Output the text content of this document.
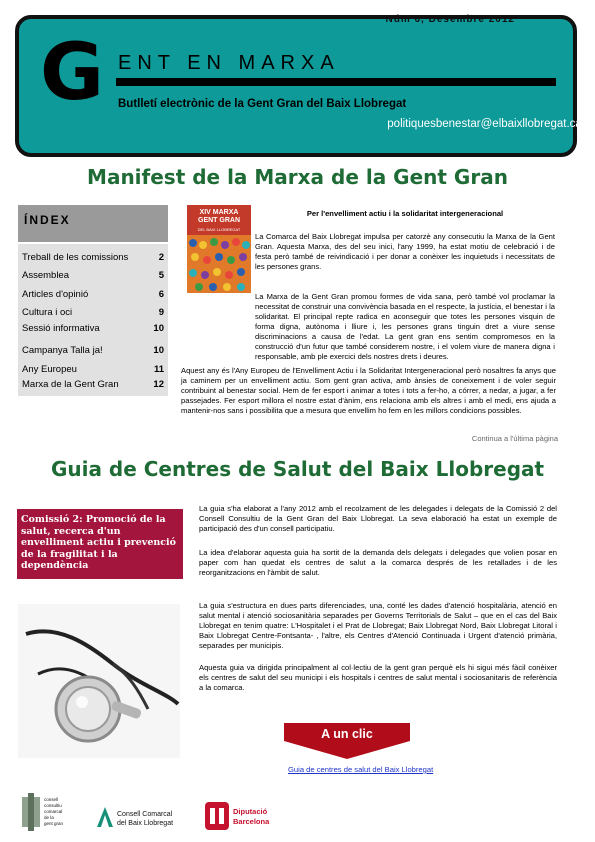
Núm 6, Desembre 2012
G ENT EN MARXA
Butlletí electrònic de la Gent Gran del Baix Llobregat
politiquesbenestar@elbaixllobregat.cat
Manifest de la Marxa de la Gent Gran
ÍNDEX
Treball de les comissions	2
Assemblea	5
Articles d'opinió	6
Cultura i oci	9
Sessió informativa	10
Campanya Talla ja!	10
Any Europeu	11
Marxa de la Gent Gran	12
XIV MARXA
GENT GRAN
DEL BAIX LLOBREGAT
Per l'envelliment actiu i la solidaritat intergeneracional
La Comarca del Baix Llobregat impulsa per catorzè any consecutiu la Marxa de la Gent Gran. Aquesta Marxa, des del seu inici, l'any 1999, ha estat motiu de celebració i de festa però també de reivindicació i per donar a conèixer les inquietuds i necessitats de les persones grans.
La Marxa de la Gent Gran promou formes de vida sana, però també vol proclamar la necessitat de construir una convivència basada en el respecte, la justícia, el benestar i la solidaritat. El principal repte radica en aconseguir que totes les persones visquin de forma digna, autònoma i lliure i, les persones grans tinguin dret a viure sense discriminacions a causa de l'edat. La gent gran ens sentim compromesos en la construcció d'un futur que també considerem nostre, i el volem viure de manera digna i responsable, amb ple exercici dels nostres drets i deures.
Aquest any és l'Any Europeu de l'Envelliment Actiu i la Solidaritat Intergeneracional però nosaltres fa anys que ja caminem per un envelliment actiu. Som gent gran activa, amb ànsies de coneixement i de voler seguir contribuint al benestar social. Hem de fer esport i animar a totes i tots a fer-ho, a córrer, a nedar, a jugar, a fer passejades. Fer esport millora el nostre estat d'ànim, ens relaciona amb els altres i amb el medi, ens ajuda a mantenir-nos sans i possibilita que a mesura que envellim ho fem en les millors condicions possibles.
Continua a l'última pàgina
Guia de Centres de Salut del Baix Llobregat
Comissió 2: Promoció de la salut, recerca d'un envelliment actiu i prevenció de la fragilitat i la dependència
La guia s'ha elaborat a l'any 2012 amb el recolzament de les delegades i delegats de la Comissió 2 del Consell Consultiu de la Gent Gran del Baix Llobregat. La seva elaboració ha estat un exemple de participació des d'un consell participatiu.
La idea d'elaborar aquesta guia ha sortit de la demanda dels delegats i delegades que volien posar en paper com han quedat els centres de salut a la comarca després de les retallades i de les reorganitzacions en l'àmbit de salut.
La guia s'estructura en dues parts diferenciades, una, conté les dades d'atenció hospitalària, atenció en salut mental i atenció sociosanitària separades per Governs Territorials de Salut – que en el cas del Baix Llobregat en tenim quatre: L'Hospitalet i el Prat de Llobregat; Baix Llobregat Nord, Baix Llobregat Litoral i Baix Llobregat Centre-Fontsanta- , l'altre, els Centres d'Atenció Continuada i Urgent d'atenció primària, separades per municipis.
Aquesta guia va dirigida principalment al col·lectiu de la gent gran perquè els hi sigui més fàcil conèixer els centres de salut del seu municipi i els hospitals i centres de salut mental i sociosanitaris de referència a la comarca.
A un clic
Guia de centres de salut del Baix Llobregat
consell
consultiu
comarcal
de la
gent gran
Consell Comarcal
del Baix Llobregat
Diputació
Barcelona
